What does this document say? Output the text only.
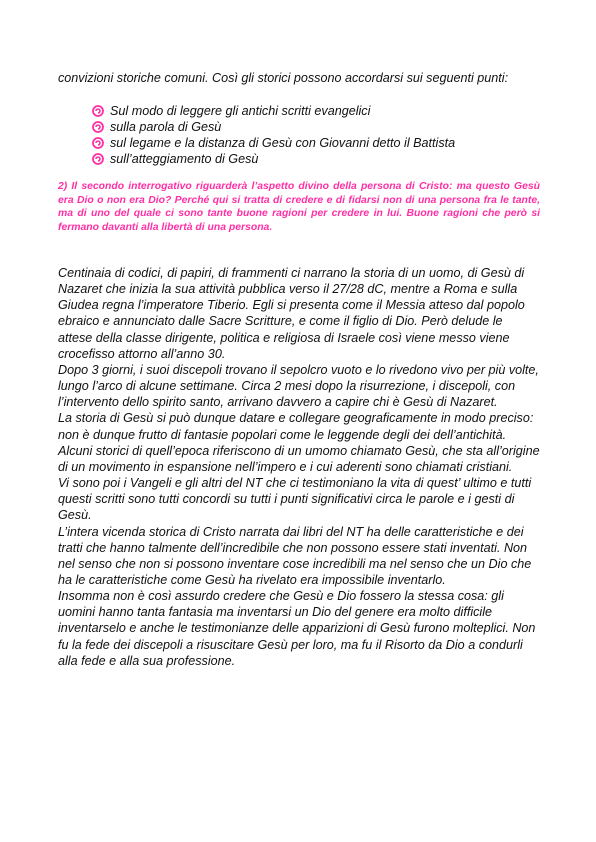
convizioni storiche comuni. Così gli storici possono accordarsi sui seguenti punti:
Sul modo di leggere gli antichi scritti evangelici
sulla parola di Gesù
sul legame e la distanza di Gesù con Giovanni detto il Battista
sull’atteggiamento di Gesù
2) Il secondo interrogativo riguarderà l’aspetto divino della persona di Cristo: ma questo Gesù era Dio o non era Dio? Perché qui si tratta di credere e di fidarsi non di una persona fra le tante, ma di uno del quale ci sono tante buone ragioni per credere in lui. Buone ragioni che però si fermano davanti alla libertà di una persona.

Centinaia di codici, di papiri, di frammenti ci narrano la storia di un uomo, di Gesù di Nazaret che inizia la sua attività pubblica verso il 27/28 dC, mentre a Roma e sulla Giudea regna l’imperatore Tiberio. Egli si presenta come il Messia atteso dal popolo ebraico e annunciato dalle Sacre Scritture, e come il figlio di Dio. Però delude le attese della classe dirigente, politica e religiosa di Israele così viene messo viene crocefisso attorno all’anno 30.

Dopo 3 giorni, i suoi discepoli trovano il sepolcro vuoto e lo rivedono vivo per più volte, lungo l’arco di alcune settimane. Circa 2 mesi dopo la risurrezione, i discepoli, con l’intervento dello spirito santo, arrivano davvero a capire chi è Gesù di Nazaret.

La storia di Gesù si può dunque datare e collegare geograficamente in modo preciso: non è dunque frutto di fantasie popolari come le leggende degli dei dell’antichità.

Alcuni storici di quell’epoca riferiscono di un umomo chiamato Gesù, che sta all’origine di un movimento in espansione nell’impero e i cui aderenti sono chiamati cristiani.

Vi sono poi i Vangeli e gli altri del NT che ci testimoniano la vita di quest’ ultimo e tutti questi scritti sono tutti concordi su tutti i punti significativi circa le parole e i gesti di Gesù.

L’intera vicenda storica di Cristo narrata dai libri del NT ha delle caratteristiche e dei tratti che hanno talmente dell’incredibile che non possono essere stati inventati. Non nel senso che non si possono inventare cose incredibili ma nel senso che un Dio che ha le caratteristiche come Gesù ha rivelato era impossibile inventarlo.

Insomma non è così assurdo credere che Gesù e Dio fossero la stessa cosa: gli uomini hanno tanta fantasia ma inventarsi un Dio del genere era molto difficile inventarselo e anche le testimonianze delle apparizioni di Gesù furono molteplici. Non fu la fede dei discepoli a risuscitare Gesù per loro, ma fu il Risorto da Dio a condurli alla fede e alla sua professione.
